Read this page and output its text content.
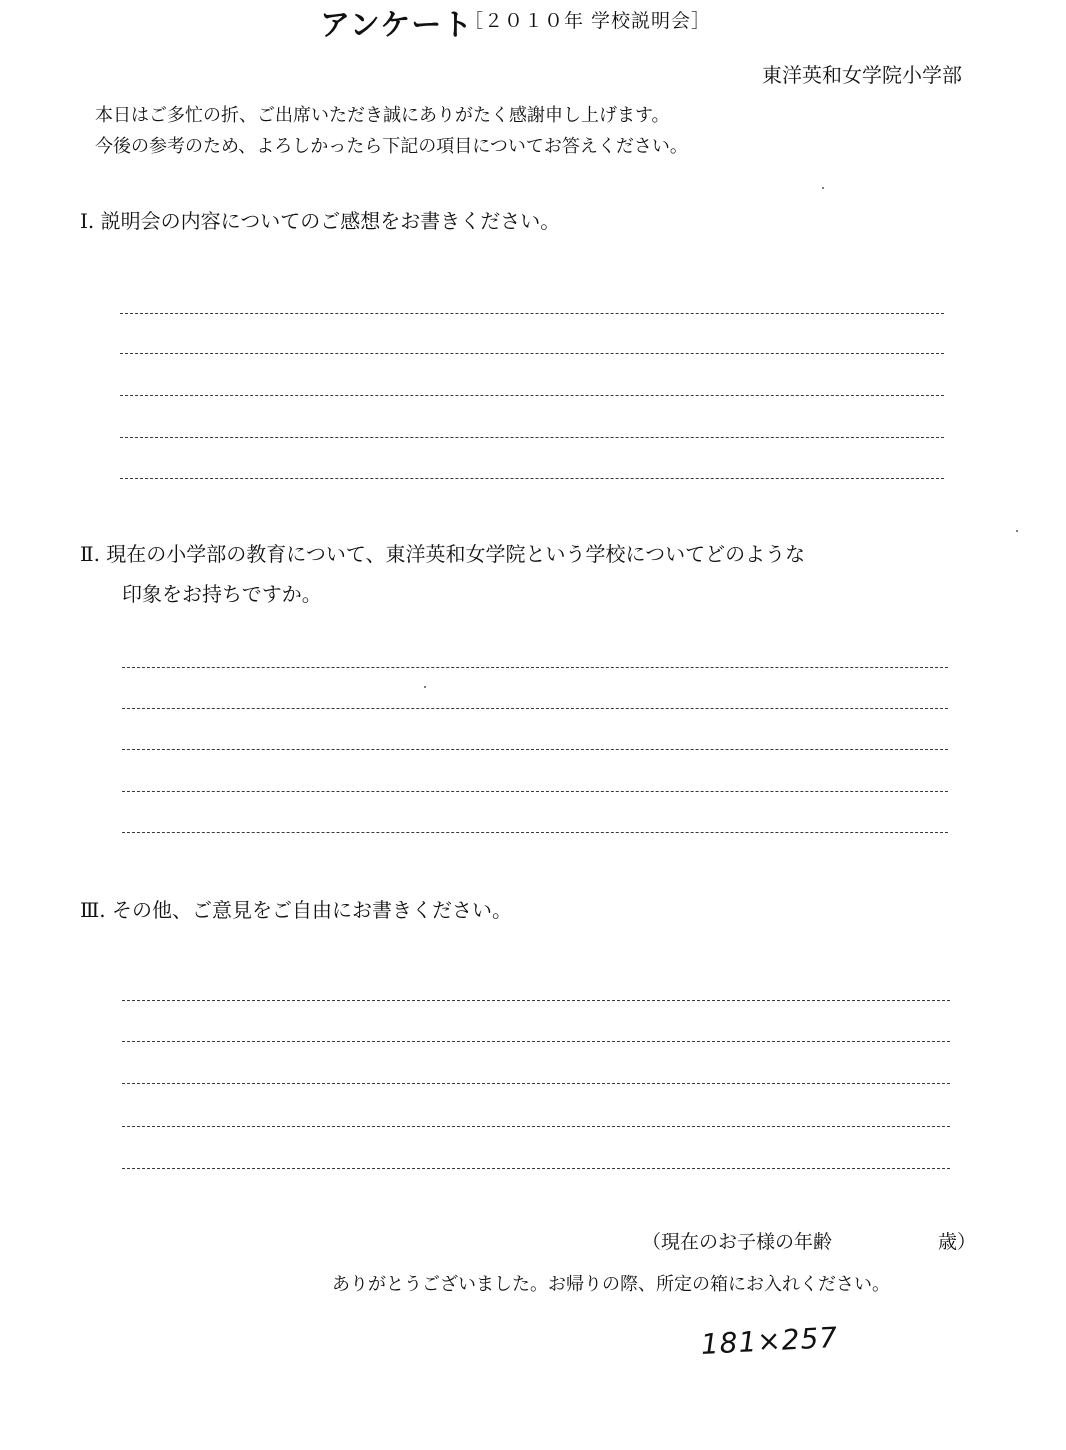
アンケート
［２０１０年 学校説明会］
東洋英和女学院小学部
本日はご多忙の折、ご出席いただき誠にありがたく感謝申し上げます。
今後の参考のため、よろしかったら下記の項目についてお答えください。
Ⅰ. 説明会の内容についてのご感想をお書きください。
Ⅱ. 現在の小学部の教育について、東洋英和女学院という学校についてどのような
印象をお持ちですか。
Ⅲ. その他、ご意見をご自由にお書きください。
（現在のお子様の年齢	歳）
ありがとうございました。お帰りの際、所定の箱にお入れください。
181×257
